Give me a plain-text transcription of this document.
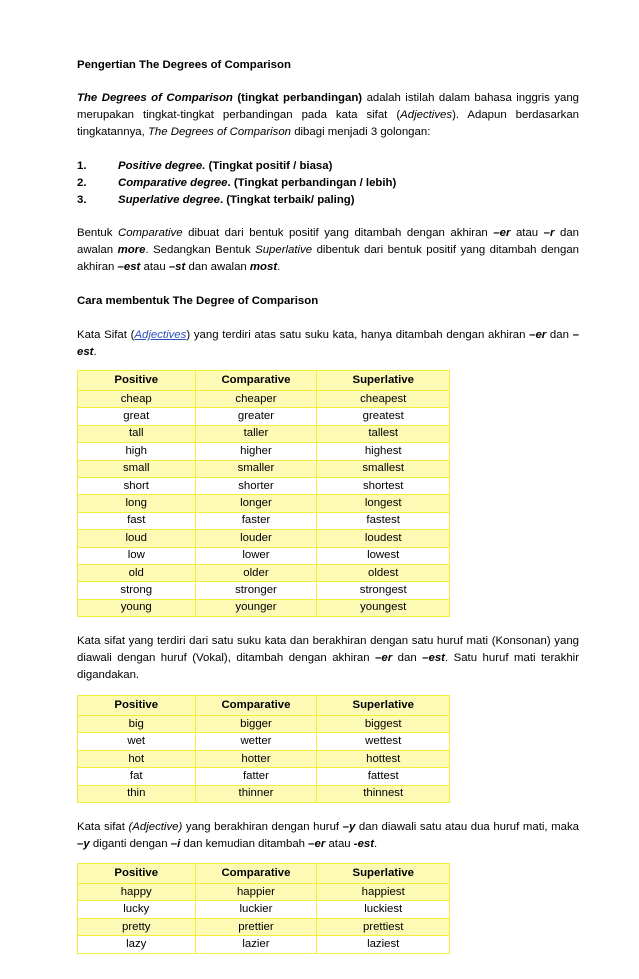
Pengertian The Degrees of Comparison

The Degrees of Comparison (tingkat perbandingan) adalah istilah dalam bahasa inggris yang merupakan tingkat-tingkat perbandingan pada kata sifat (Adjectives). Adapun berdasarkan tingkatannya, The Degrees of Comparison dibagi menjadi 3 golongan:

1.	Positive degree. (Tingkat positif / biasa)
2.	Comparative degree. (Tingkat perbandingan / lebih)
3.	Superlative degree. (Tingkat terbaik/ paling)

Bentuk Comparative dibuat dari bentuk positif yang ditambah dengan akhiran –er atau –r dan awalan more. Sedangkan Bentuk Superlative dibentuk dari bentuk positif yang ditambah dengan akhiran –est atau –st dan awalan most.

Cara membentuk The Degree of Comparison

Kata Sifat (Adjectives) yang terdiri atas satu suku kata, hanya ditambah dengan akhiran –er dan –est.

Positive	Comparative	Superlative
cheap	cheaper	cheapest
great	greater	greatest
tall	taller	tallest
high	higher	highest
small	smaller	smallest
short	shorter	shortest
long	longer	longest
fast	faster	fastest
loud	louder	loudest
low	lower	lowest
old	older	oldest
strong	stronger	strongest
young	younger	youngest

Kata sifat yang terdiri dari satu suku kata dan berakhiran dengan satu huruf mati (Konsonan) yang diawali dengan huruf (Vokal), ditambah dengan akhiran –er dan –est. Satu huruf mati terakhir digandakan.

Positive	Comparative	Superlative
big	bigger	biggest
wet	wetter	wettest
hot	hotter	hottest
fat	fatter	fattest
thin	thinner	thinnest

Kata sifat (Adjective) yang berakhiran dengan huruf –y dan diawali satu atau dua huruf mati, maka –y diganti dengan –i dan kemudian ditambah –er atau -est.

Positive	Comparative	Superlative
happy	happier	happiest
lucky	luckier	luckiest
pretty	prettier	prettiest
lazy	lazier	laziest
